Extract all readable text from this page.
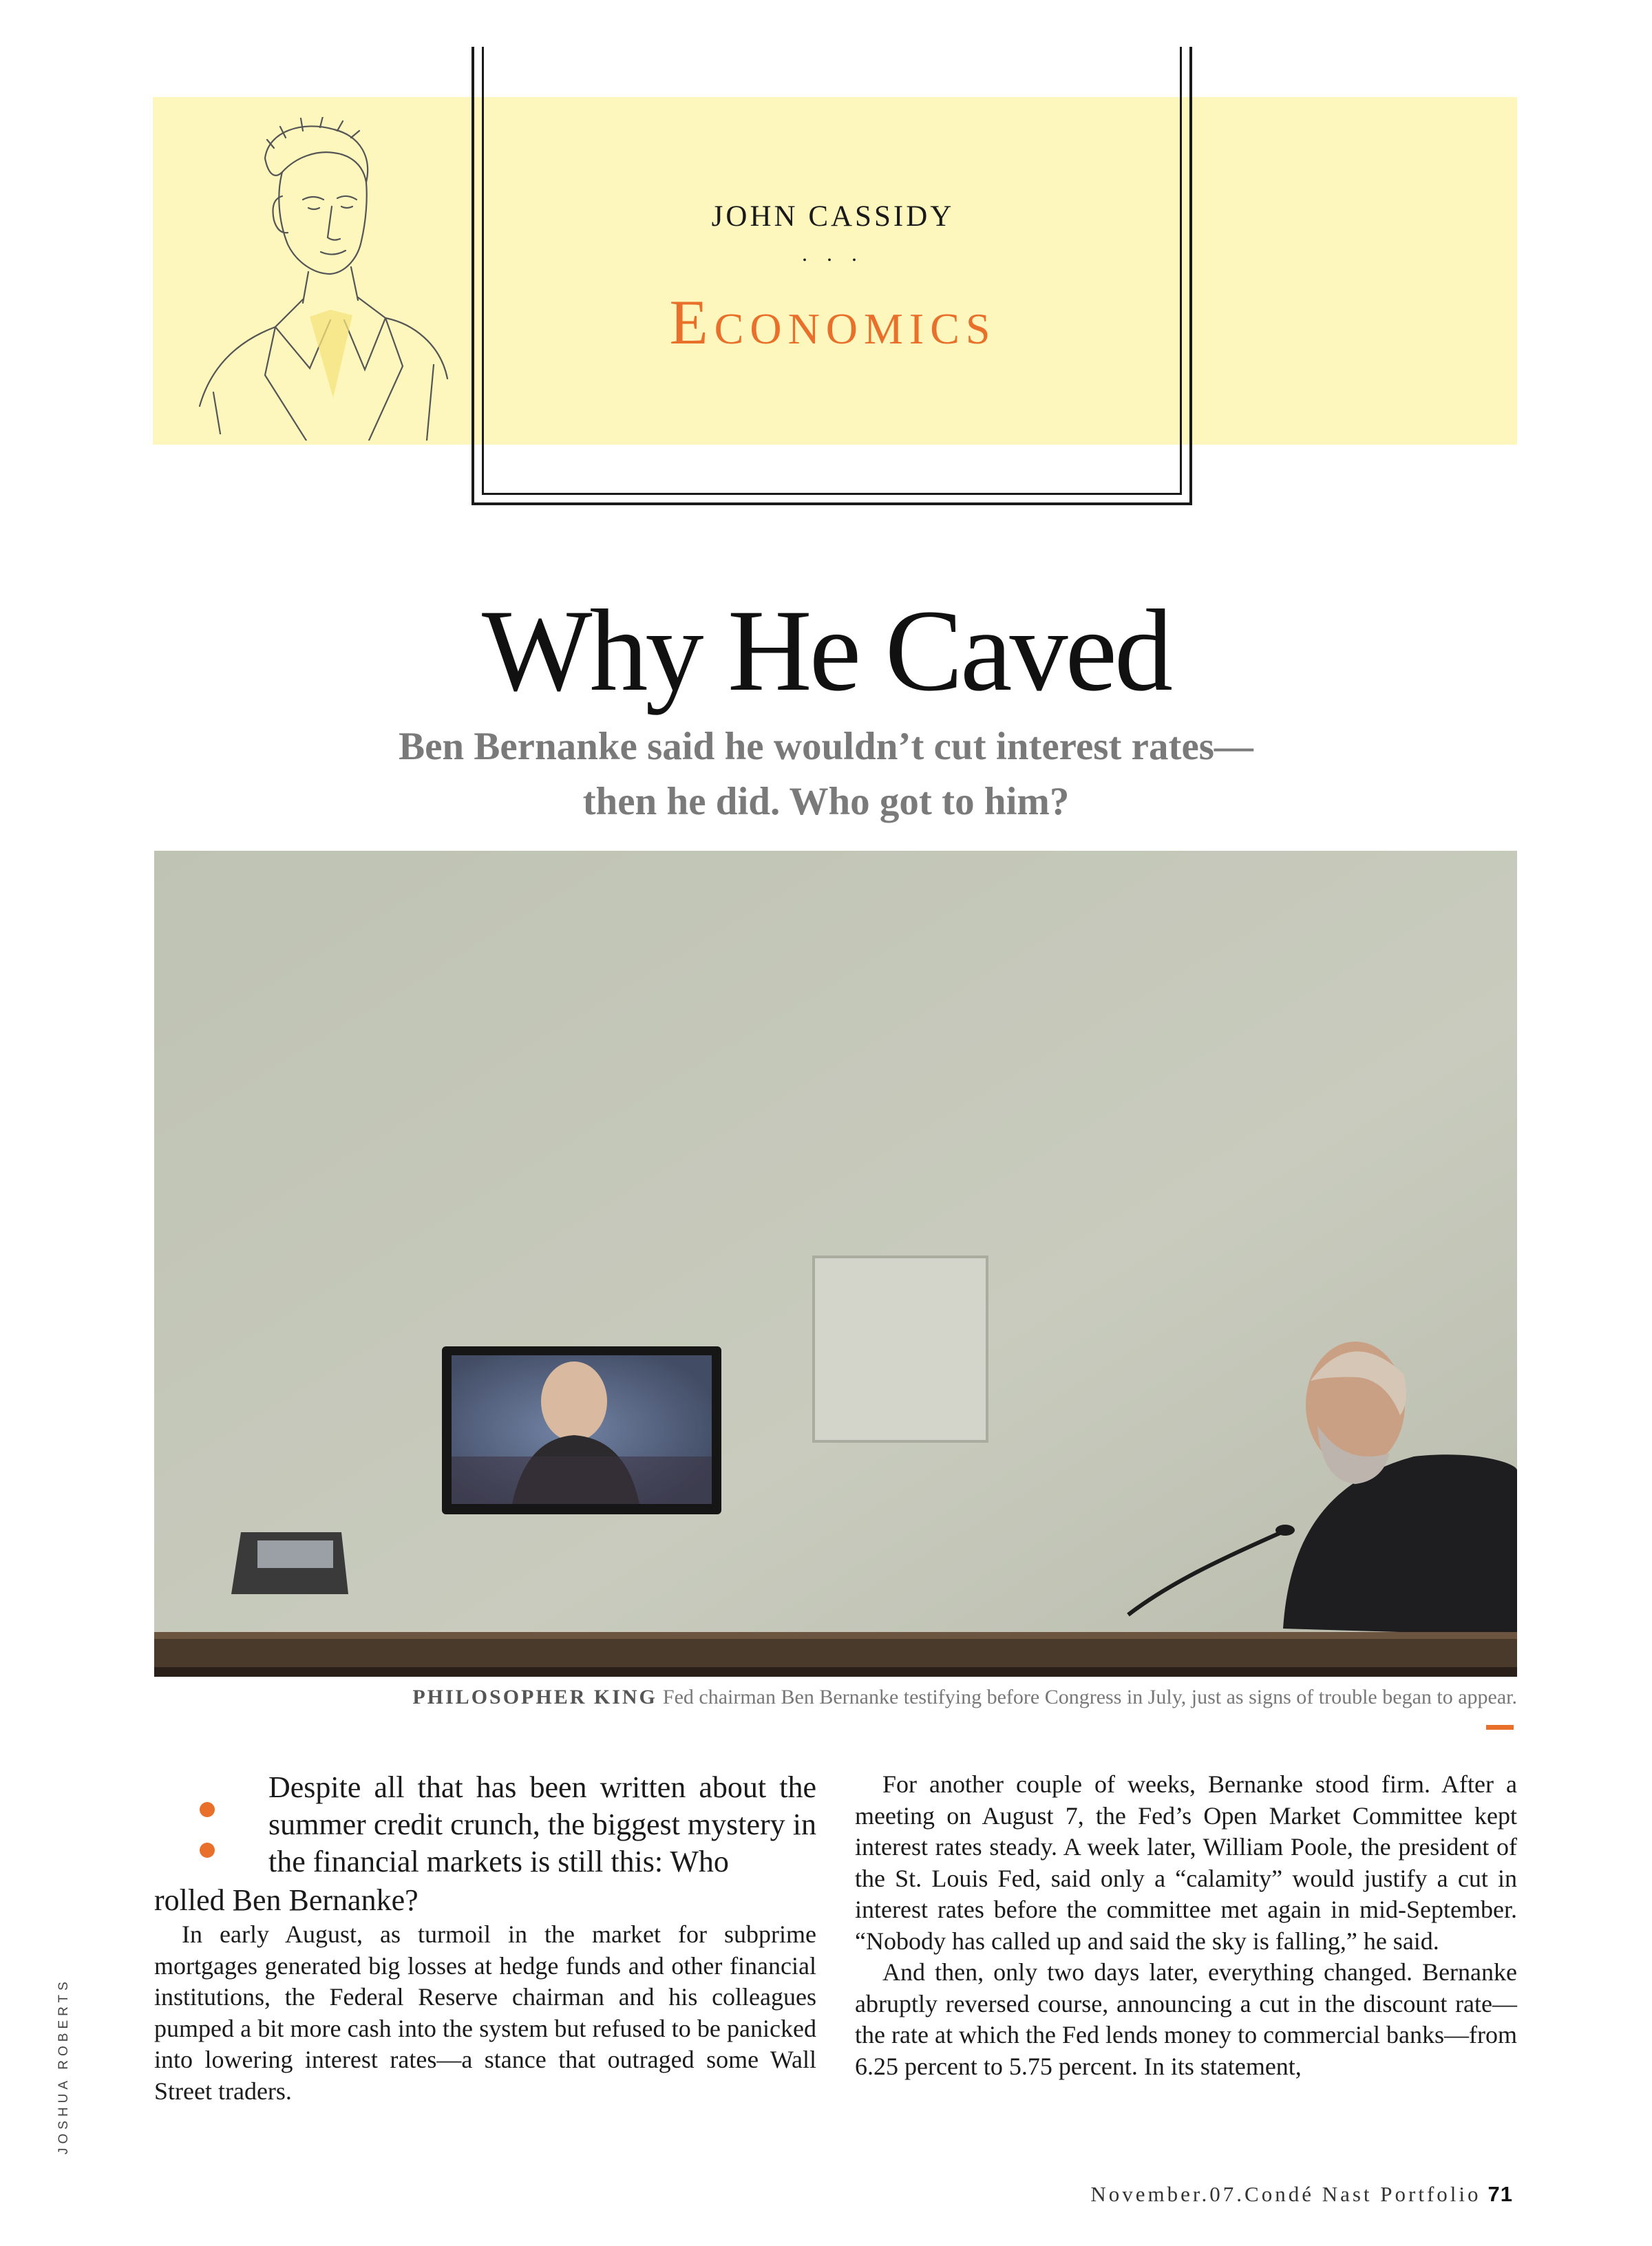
JOHN CASSIDY
. . .
Economics
Why He Caved
Ben Bernanke said he wouldn’t cut interest rates—
then he did. Who got to him?
PHILOSOPHER KING Fed chairman Ben Bernanke testifying before Congress in July, just as signs of trouble began to appear.

Despite all that has been written about the summer credit crunch, the biggest mystery in the financial markets is still this: Who

rolled Ben Bernanke?

In early August, as turmoil in the market for subprime mortgages generated big losses at hedge funds and other financial institutions, the Federal Reserve chairman and his colleagues pumped a bit more cash into the system but refused to be panicked into lowering interest rates—a stance that outraged some Wall Street traders.

For another couple of weeks, Bernanke stood firm. After a meeting on August 7, the Fed’s Open Market Committee kept interest rates steady. A week later, William Poole, the president of the St. Louis Fed, said only a “calamity” would justify a cut in interest rates before the committee met again in mid-September. “Nobody has called up and said the sky is falling,” he said.

And then, only two days later, everything changed. Bernanke abruptly reversed course, announcing a cut in the discount rate—the rate at which the Fed lends money to commercial banks—from 6.25 percent to 5.75 percent. In its statement,

JOSHUA ROBERTS
November.07.Condé Nast Portfolio 71
